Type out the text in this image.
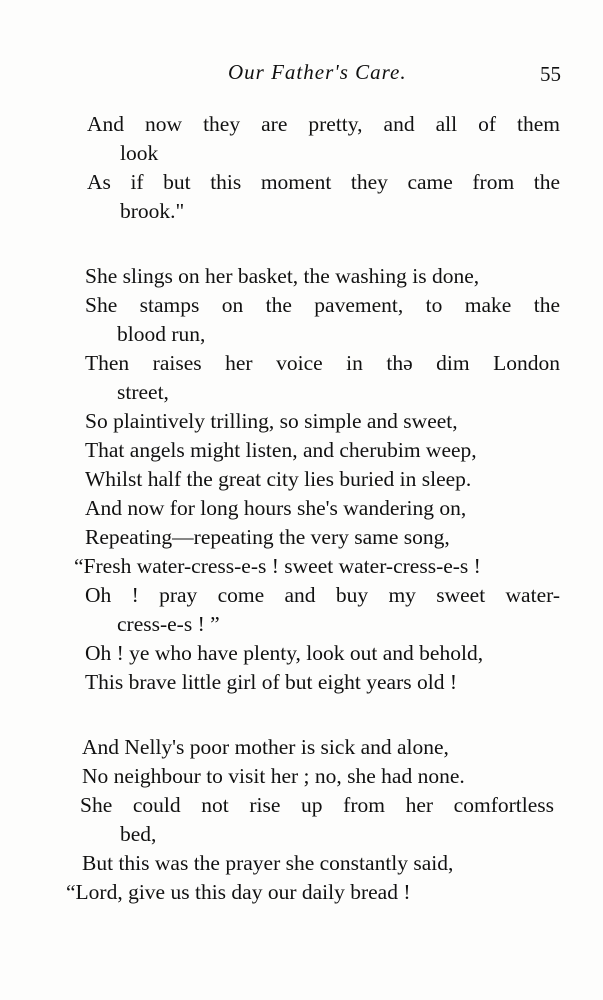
Our Father's Care.	55
And now they are pretty, and all of them
look
As if but this moment they came from the
brook."
She slings on her basket, the washing is done,
She stamps on the pavement, to make the
blood run,
Then raises her voice in thə dim London
street,
So plaintively trilling, so simple and sweet,
That angels might listen, and cherubim weep,
Whilst half the great city lies buried in sleep.
And now for long hours she's wandering on,
Repeating—repeating the very same song,
“Fresh water-cress-e-s ! sweet water-cress-e-s !
Oh ! pray come and buy my sweet water-
cress-e-s ! ”
Oh ! ye who have plenty, look out and behold,
This brave little girl of but eight years old !
And Nelly's poor mother is sick and alone,
No neighbour to visit her ; no, she had none.
She could not rise up from her comfortless
bed,
But this was the prayer she constantly said,
“Lord, give us this day our daily bread !
